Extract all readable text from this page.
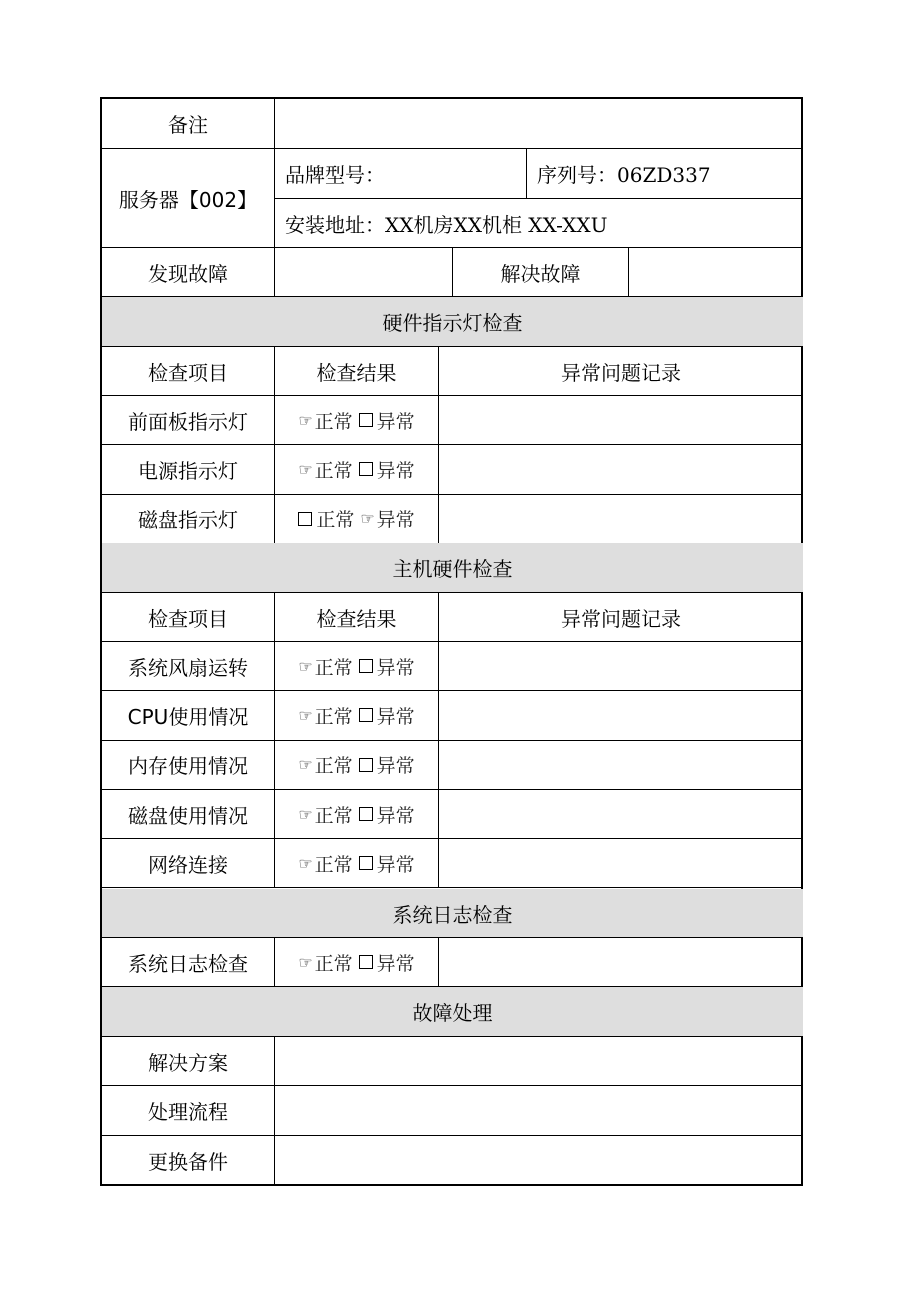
备注
服务器【002】
品牌型号：	序列号：06ZD337
安装地址：XX机房XX机柜 XX-XXU
发现故障	解决故障
硬件指示灯检查
检查项目	检查结果	异常问题记录
前面板指示灯	☞ 正常 异常
电源指示灯	☞ 正常 异常
磁盘指示灯	正常 ☞ 异常
主机硬件检查
检查项目	检查结果	异常问题记录
系统风扇运转	☞ 正常 异常
CPU使用情况	☞ 正常 异常
内存使用情况	☞ 正常 异常
磁盘使用情况	☞ 正常 异常
网络连接	☞ 正常 异常
系统日志检查
系统日志检查	☞ 正常 异常
故障处理
解决方案
处理流程
更换备件
